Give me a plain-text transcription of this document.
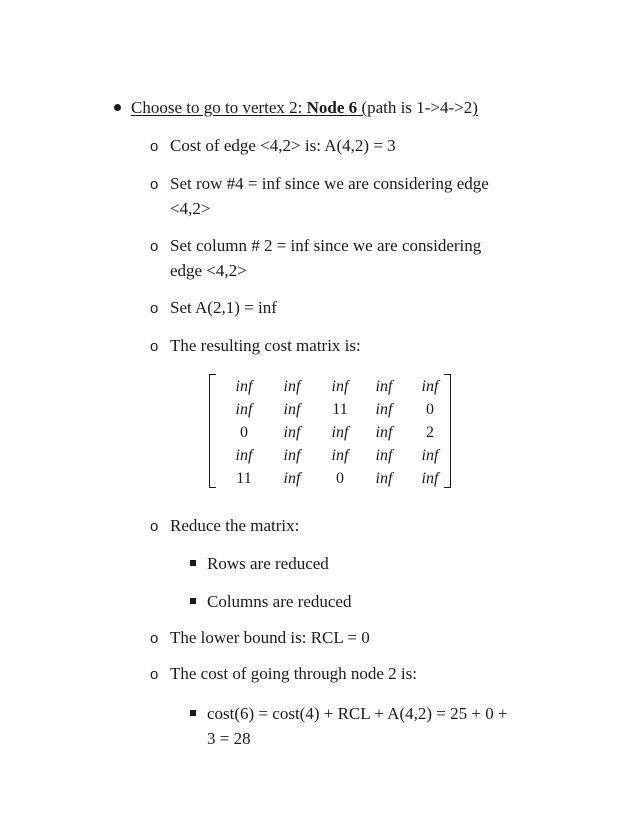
Choose to go to vertex 2: Node 6 (path is 1->4->2)
o Cost of edge <4,2> is: A(4,2) = 3
o Set row #4 = inf since we are considering edge
<4,2>
o Set column # 2 = inf since we are considering
edge <4,2>
o Set A(2,1) = inf
o The resulting cost matrix is:
inf	inf	inf	inf	inf
inf	inf	11	inf	0
0	inf	inf	inf	2
inf	inf	inf	inf	inf
11	inf	0	inf	inf
o Reduce the matrix:
Rows are reduced
Columns are reduced
o The lower bound is: RCL = 0
o The cost of going through node 2 is:
cost(6) = cost(4) + RCL + A(4,2) = 25 + 0 +
3 = 28
